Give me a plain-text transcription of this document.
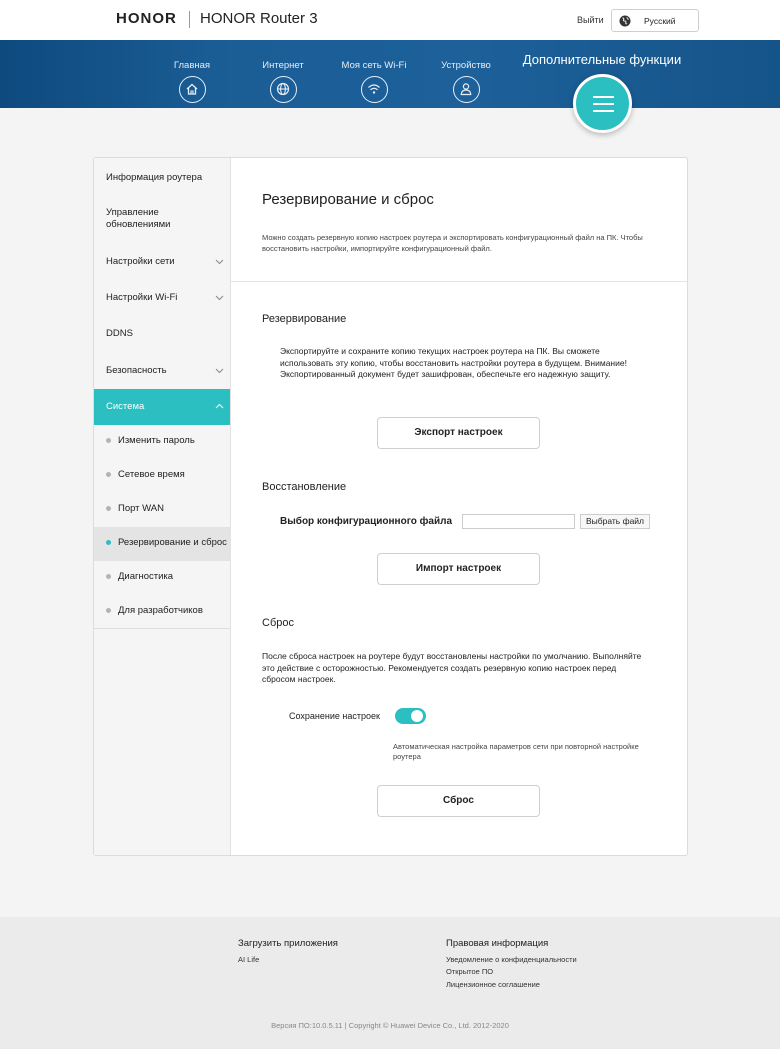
HONOR HONOR Router 3	Выйти	Русский
Главная	Интернет	Моя сеть Wi-Fi	Устройство	Дополнительные функции
Информация роутера
Управление обновлениями
Настройки сети
Настройки Wi-Fi
DDNS
Безопасность
Система
Изменить пароль
Сетевое время
Порт WAN
Резервирование и сброс
Диагностика
Для разработчиков
Резервирование и сброс
Можно создать резервную копию настроек роутера и экспортировать конфигурационный файл на ПК. Чтобы восстановить настройки, импортируйте конфигурационный файл.
Резервирование
Экспортируйте и сохраните копию текущих настроек роутера на ПК. Вы сможете использовать эту копию, чтобы восстановить настройки роутера в будущем. Внимание! Экспортированный документ будет зашифрован, обеспечьте его надежную защиту.
Экспорт настроек
Восстановление
Выбор конфигурационного файла	Выбрать файл
Импорт настроек
Сброс
После сброса настроек на роутере будут восстановлены настройки по умолчанию. Выполняйте это действие с осторожностью. Рекомендуется создать резервную копию настроек перед сбросом настроек.
Сохранение настроек
Автоматическая настройка параметров сети при повторной настройке роутера
Сброс
Загрузить приложения
AI Life
Правовая информация
Уведомление о конфиденциальности
Открытое ПО
Лицензионное соглашение
Версия ПО:10.0.5.11 | Copyright © Huawei Device Co., Ltd. 2012-2020
